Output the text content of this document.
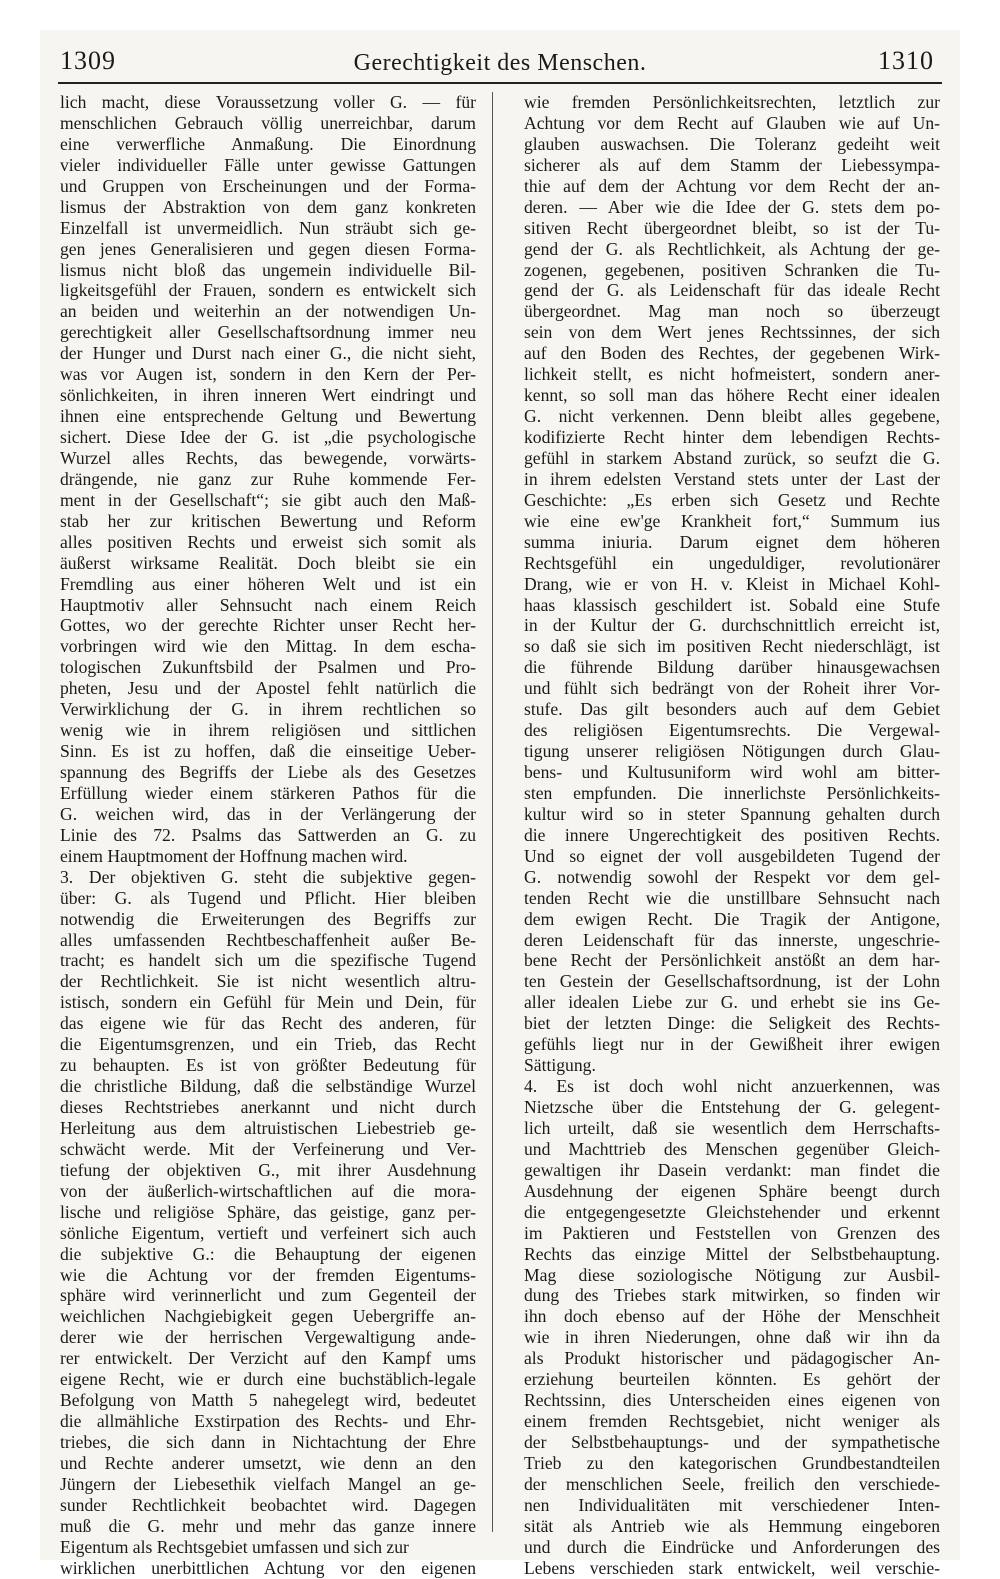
1309	Gerechtigkeit des Menschen.	1310
lich macht, diese Voraussetzung voller G. — für
menschlichen Gebrauch völlig unerreichbar, darum
eine verwerfliche Anmaßung. Die Einordnung
vieler individueller Fälle unter gewisse Gattungen
und Gruppen von Erscheinungen und der Forma-
lismus der Abstraktion von dem ganz konkreten
Einzelfall ist unvermeidlich. Nun sträubt sich ge-
gen jenes Generalisieren und gegen diesen Forma-
lismus nicht bloß das ungemein individuelle Bil-
ligkeitsgefühl der Frauen, sondern es entwickelt sich
an beiden und weiterhin an der notwendigen Un-
gerechtigkeit aller Gesellschaftsordnung immer neu
der Hunger und Durst nach einer G., die nicht sieht,
was vor Augen ist, sondern in den Kern der Per-
sönlichkeiten, in ihren inneren Wert eindringt und
ihnen eine entsprechende Geltung und Bewertung
sichert. Diese Idee der G. ist „die psychologische
Wurzel alles Rechts, das bewegende, vorwärts-
drängende, nie ganz zur Ruhe kommende Fer-
ment in der Gesellschaft“; sie gibt auch den Maß-
stab her zur kritischen Bewertung und Reform
alles positiven Rechts und erweist sich somit als
äußerst wirksame Realität. Doch bleibt sie ein
Fremdling aus einer höheren Welt und ist ein
Hauptmotiv aller Sehnsucht nach einem Reich
Gottes, wo der gerechte Richter unser Recht her-
vorbringen wird wie den Mittag. In dem escha-
tologischen Zukunftsbild der Psalmen und Pro-
pheten, Jesu und der Apostel fehlt natürlich die
Verwirklichung der G. in ihrem rechtlichen so
wenig wie in ihrem religiösen und sittlichen
Sinn. Es ist zu hoffen, daß die einseitige Ueber-
spannung des Begriffs der Liebe als des Gesetzes
Erfüllung wieder einem stärkeren Pathos für die
G. weichen wird, das in der Verlängerung der
Linie des 72. Psalms das Sattwerden an G. zu
einem Hauptmoment der Hoffnung machen wird.
3. Der objektiven G. steht die subjektive gegen-
über: G. als Tugend und Pflicht. Hier bleiben
notwendig die Erweiterungen des Begriffs zur
alles umfassenden Rechtbeschaffenheit außer Be-
tracht; es handelt sich um die spezifische Tugend
der Rechtlichkeit. Sie ist nicht wesentlich altru-
istisch, sondern ein Gefühl für Mein und Dein, für
das eigene wie für das Recht des anderen, für
die Eigentumsgrenzen, und ein Trieb, das Recht
zu behaupten. Es ist von größter Bedeutung für
die christliche Bildung, daß die selbständige Wurzel
dieses Rechtstriebes anerkannt und nicht durch
Herleitung aus dem altruistischen Liebestrieb ge-
schwächt werde. Mit der Verfeinerung und Ver-
tiefung der objektiven G., mit ihrer Ausdehnung
von der äußerlich-wirtschaftlichen auf die mora-
lische und religiöse Sphäre, das geistige, ganz per-
sönliche Eigentum, vertieft und verfeinert sich auch
die subjektive G.: die Behauptung der eigenen
wie die Achtung vor der fremden Eigentums-
sphäre wird verinnerlicht und zum Gegenteil der
weichlichen Nachgiebigkeit gegen Uebergriffe an-
derer wie der herrischen Vergewaltigung ande-
rer entwickelt. Der Verzicht auf den Kampf ums
eigene Recht, wie er durch eine buchstäblich-legale
Befolgung von Matth 5 nahegelegt wird, bedeutet
die allmähliche Exstirpation des Rechts- und Ehr-
triebes, die sich dann in Nichtachtung der Ehre
und Rechte anderer umsetzt, wie denn an den
Jüngern der Liebesethik vielfach Mangel an ge-
sunder Rechtlichkeit beobachtet wird. Dagegen
muß die G. mehr und mehr das ganze innere
Eigentum als Rechtsgebiet umfassen und sich zur
wirklichen unerbittlichen Achtung vor den eigenen
wie fremden Persönlichkeitsrechten, letztlich zur
Achtung vor dem Recht auf Glauben wie auf Un-
glauben auswachsen. Die Toleranz gedeiht weit
sicherer als auf dem Stamm der Liebessympa-
thie auf dem der Achtung vor dem Recht der an-
deren. — Aber wie die Idee der G. stets dem po-
sitiven Recht übergeordnet bleibt, so ist der Tu-
gend der G. als Rechtlichkeit, als Achtung der ge-
zogenen, gegebenen, positiven Schranken die Tu-
gend der G. als Leidenschaft für das ideale Recht
übergeordnet. Mag man noch so überzeugt
sein von dem Wert jenes Rechtssinnes, der sich
auf den Boden des Rechtes, der gegebenen Wirk-
lichkeit stellt, es nicht hofmeistert, sondern aner-
kennt, so soll man das höhere Recht einer idealen
G. nicht verkennen. Denn bleibt alles gegebene,
kodifizierte Recht hinter dem lebendigen Rechts-
gefühl in starkem Abstand zurück, so seufzt die G.
in ihrem edelsten Verstand stets unter der Last der
Geschichte: „Es erben sich Gesetz und Rechte
wie eine ew'ge Krankheit fort,“ Summum ius
summa iniuria. Darum eignet dem höheren
Rechtsgefühl ein ungeduldiger, revolutionärer
Drang, wie er von H. v. Kleist in Michael Kohl-
haas klassisch geschildert ist. Sobald eine Stufe
in der Kultur der G. durchschnittlich erreicht ist,
so daß sie sich im positiven Recht niederschlägt, ist
die führende Bildung darüber hinausgewachsen
und fühlt sich bedrängt von der Roheit ihrer Vor-
stufe. Das gilt besonders auch auf dem Gebiet
des religiösen Eigentumsrechts. Die Vergewal-
tigung unserer religiösen Nötigungen durch Glau-
bens- und Kultusuniform wird wohl am bitter-
sten empfunden. Die innerlichste Persönlichkeits-
kultur wird so in steter Spannung gehalten durch
die innere Ungerechtigkeit des positiven Rechts.
Und so eignet der voll ausgebildeten Tugend der
G. notwendig sowohl der Respekt vor dem gel-
tenden Recht wie die unstillbare Sehnsucht nach
dem ewigen Recht. Die Tragik der Antigone,
deren Leidenschaft für das innerste, ungeschrie-
bene Recht der Persönlichkeit anstößt an dem har-
ten Gestein der Gesellschaftsordnung, ist der Lohn
aller idealen Liebe zur G. und erhebt sie ins Ge-
biet der letzten Dinge: die Seligkeit des Rechts-
gefühls liegt nur in der Gewißheit ihrer ewigen
Sättigung.
4. Es ist doch wohl nicht anzuerkennen, was
Nietzsche über die Entstehung der G. gelegent-
lich urteilt, daß sie wesentlich dem Herrschafts-
und Machttrieb des Menschen gegenüber Gleich-
gewaltigen ihr Dasein verdankt: man findet die
Ausdehnung der eigenen Sphäre beengt durch
die entgegengesetzte Gleichstehender und erkennt
im Paktieren und Feststellen von Grenzen des
Rechts das einzige Mittel der Selbstbehauptung.
Mag diese soziologische Nötigung zur Ausbil-
dung des Triebes stark mitwirken, so finden wir
ihn doch ebenso auf der Höhe der Menschheit
wie in ihren Niederungen, ohne daß wir ihn da
als Produkt historischer und pädagogischer An-
erziehung beurteilen könnten. Es gehört der
Rechtssinn, dies Unterscheiden eines eigenen von
einem fremden Rechtsgebiet, nicht weniger als
der Selbstbehauptungs- und der sympathetische
Trieb zu den kategorischen Grundbestandteilen
der menschlichen Seele, freilich den verschiede-
nen Individualitäten mit verschiedener Inten-
sität als Antrieb wie als Hemmung eingeboren
und durch die Eindrücke und Anforderungen des
Lebens verschieden stark entwickelt, weil verschie-
